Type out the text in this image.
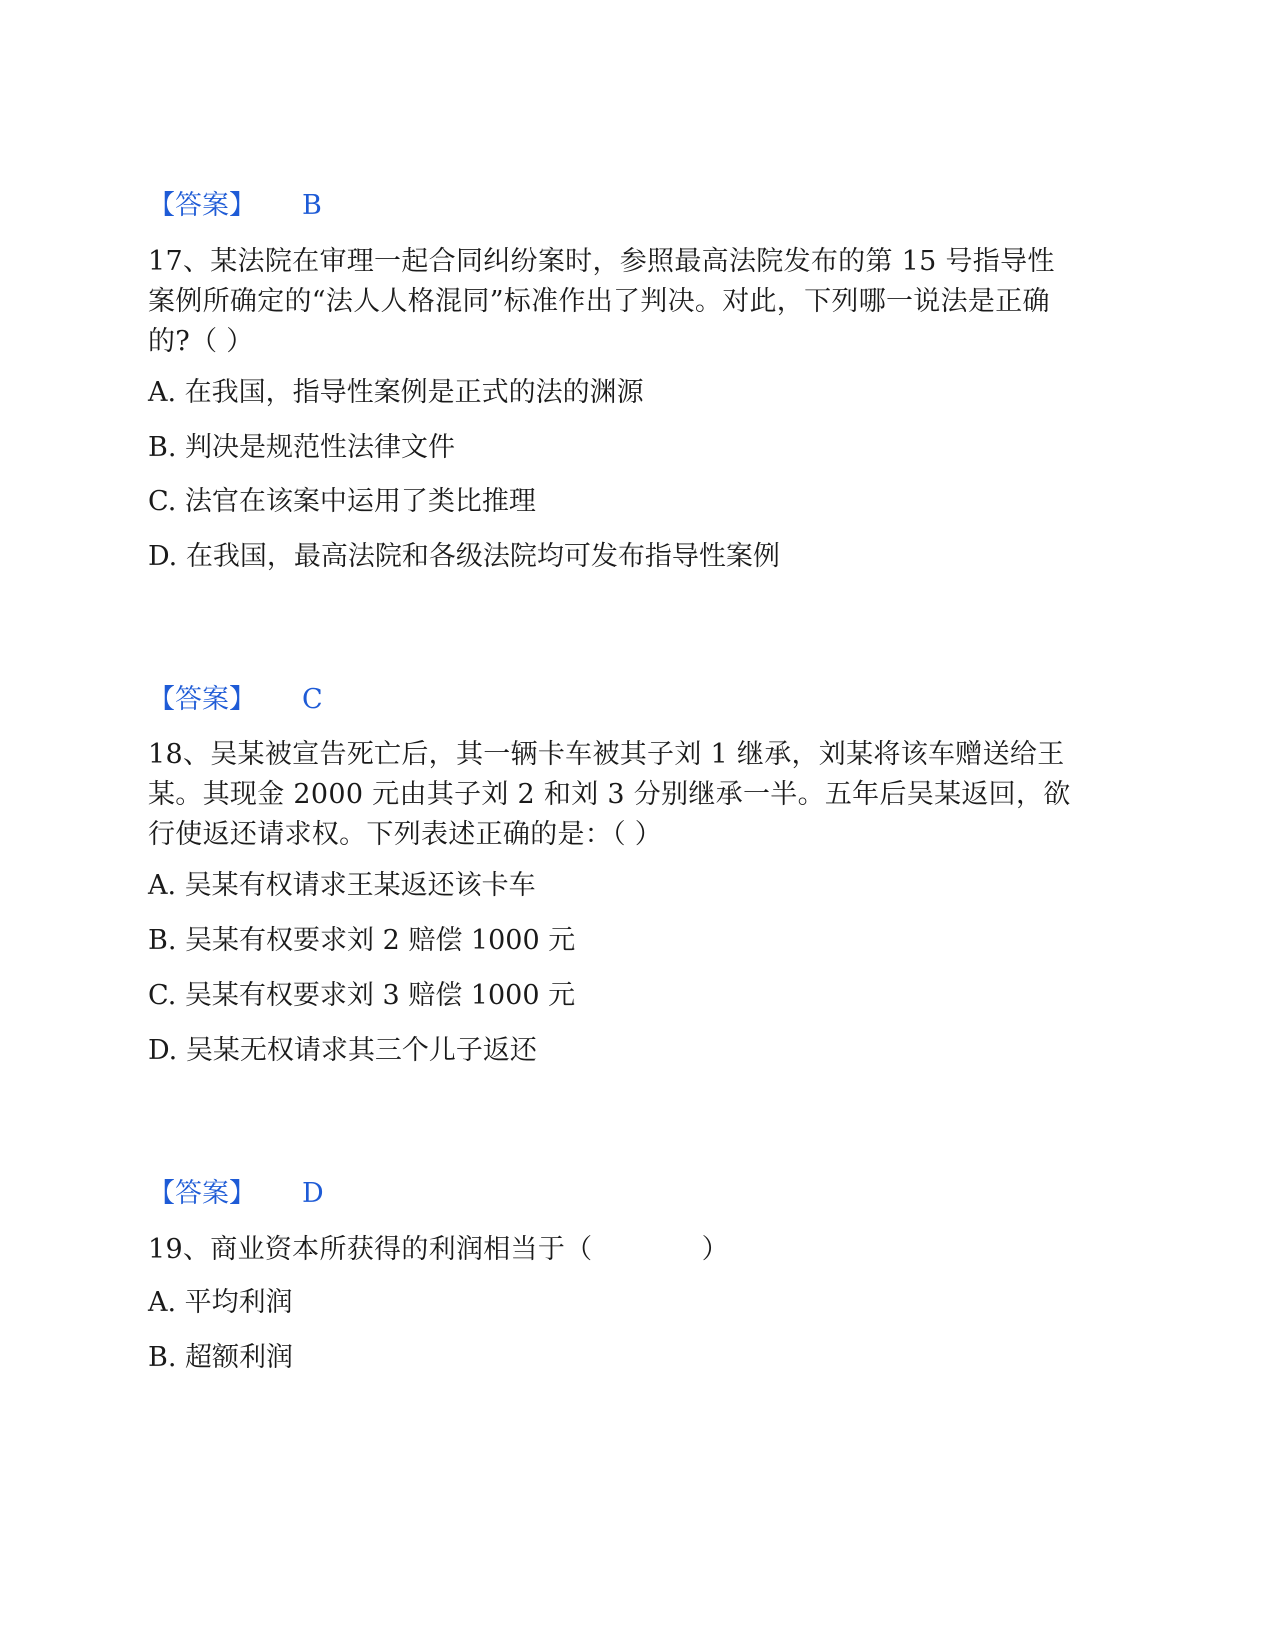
【答案】 B
17、某法院在审理一起合同纠纷案时，参照最高法院发布的第 15 号指导性案例所确定的“法人人格混同”标准作出了判决。对此，下列哪一说法是正确的?（ ）
A. 在我国，指导性案例是正式的法的渊源
B. 判决是规范性法律文件
C. 法官在该案中运用了类比推理
D. 在我国，最高法院和各级法院均可发布指导性案例
【答案】 C
18、吴某被宣告死亡后，其一辆卡车被其子刘 1 继承，刘某将该车赠送给王某。其现金 2000 元由其子刘 2 和刘 3 分别继承一半。五年后吴某返回，欲行使返还请求权。下列表述正确的是：（ ）
A. 吴某有权请求王某返还该卡车
B. 吴某有权要求刘 2 赔偿 1000 元
C. 吴某有权要求刘 3 赔偿 1000 元
D. 吴某无权请求其三个儿子返还
【答案】 D
19、商业资本所获得的利润相当于（　　　　）
A. 平均利润
B. 超额利润
